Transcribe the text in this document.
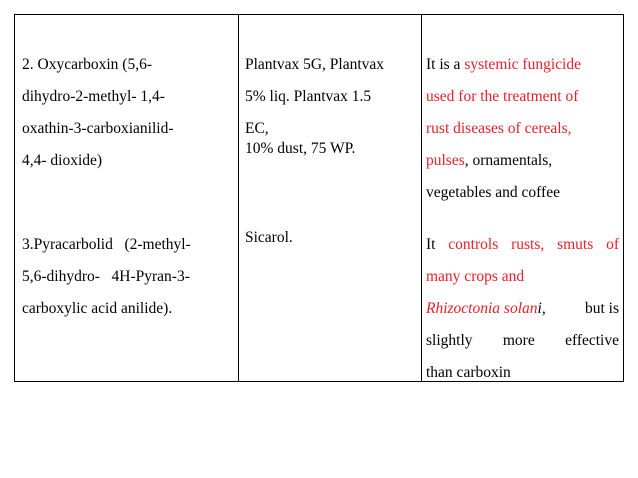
2. Oxycarboxin (5,6-
dihydro-2-methyl- 1,4-
oxathin-3-carboxianilid-
4,4- dioxide)
Plantvax 5G, Plantvax
5% liq. Plantvax 1.5
EC,
10% dust, 75 WP.
It is a systemic fungicide
used for the treatment of
rust diseases of cereals,
pulses, ornamentals,
vegetables and coffee
3.Pyracarbolid   (2-methyl-
5,6-dihydro-   4H-Pyran-3-
carboxylic acid anilide).
Sicarol.	It controls rusts, smuts of
many crops and
Rhizoctonia solani, but is
slightly more effective
than carboxin
